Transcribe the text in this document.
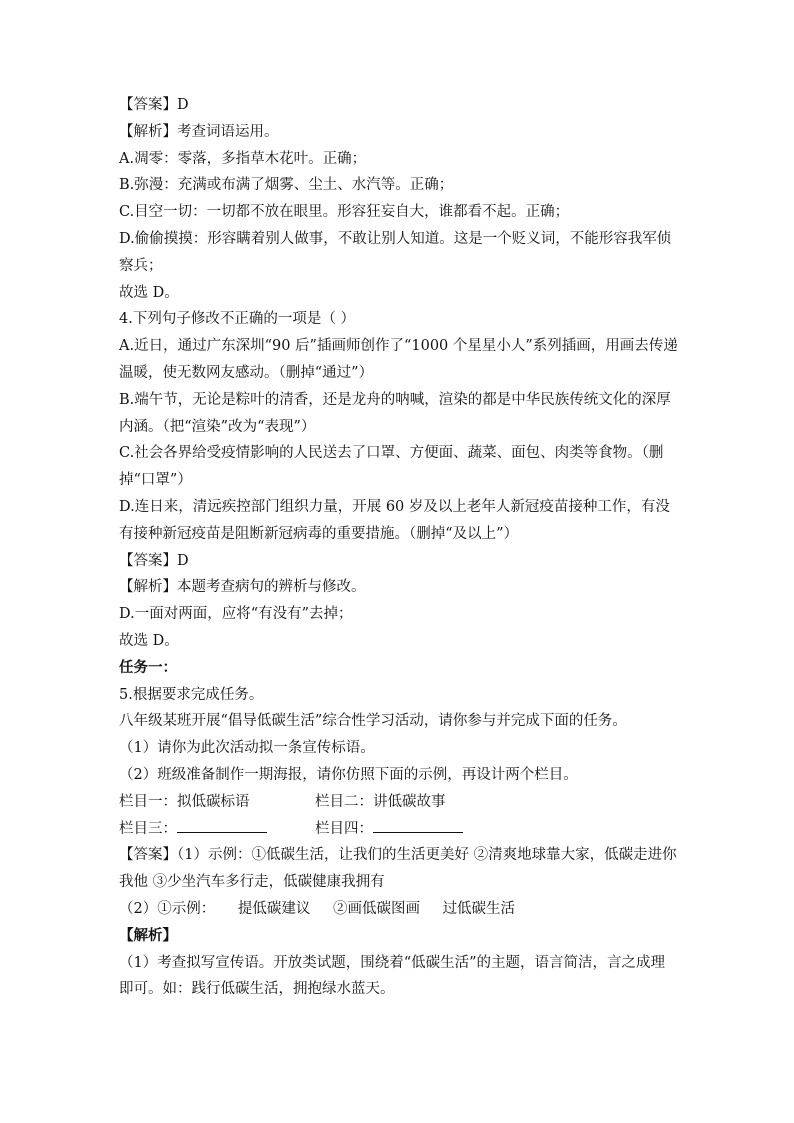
【答案】D
【解析】考查词语运用。
A.凋零：零落，多指草木花叶。正确；
B.弥漫：充满或布满了烟雾、尘土、水汽等。正确；
C.目空一切：一切都不放在眼里。形容狂妄自大，谁都看不起。正确；
D.偷偷摸摸：形容瞒着别人做事，不敢让别人知道。这是一个贬义词，不能形容我军侦察兵；
故选 D。
4.下列句子修改不正确的一项是（ ）
A.近日，通过广东深圳“90 后”插画师创作了“1000 个星星小人”系列插画，用画去传递温暖，使无数网友感动。（删掉“通过”）
B.端午节，无论是粽叶的清香，还是龙舟的呐喊，渲染的都是中华民族传统文化的深厚内涵。（把“渲染”改为“表现”）
C.社会各界给受疫情影响的人民送去了口罩、方便面、蔬菜、面包、肉类等食物。（删掉“口罩”）
D.连日来，清远疾控部门组织力量，开展 60 岁及以上老年人新冠疫苗接种工作，有没有接种新冠疫苗是阻断新冠病毒的重要措施。（删掉“及以上”）
【答案】D
【解析】本题考查病句的辨析与修改。
D.一面对两面，应将“有没有”去掉；
故选 D。
任务一：
5.根据要求完成任务。
八年级某班开展“倡导低碳生活”综合性学习活动，请你参与并完成下面的任务。
（1）请你为此次活动拟一条宣传标语。
（2）班级准备制作一期海报，请你仿照下面的示例，再设计两个栏目。
栏目一：拟低碳标语	栏目二：讲低碳故事
栏目三：	栏目四：
【答案】（1）示例：①低碳生活，让我们的生活更美好 ②清爽地球靠大家，低碳走进你我他 ③少坐汽车多行走，低碳健康我拥有
（2）①示例： 提低碳建议 ②画低碳图画 过低碳生活
【解析】
（1）考查拟写宣传语。开放类试题，围绕着“低碳生活”的主题，语言简洁，言之成理即可。如：践行低碳生活，拥抱绿水蓝天。
